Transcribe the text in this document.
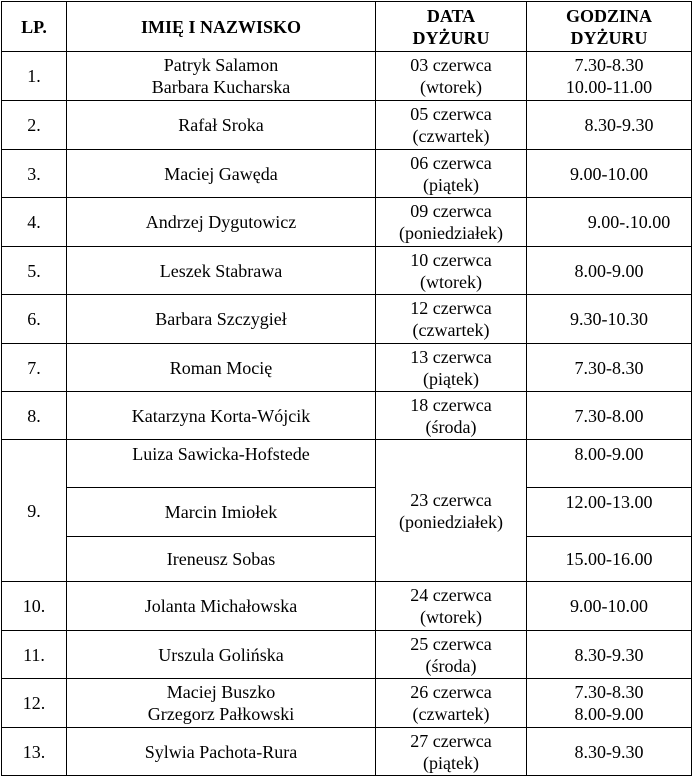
LP.	IMIĘ I NAZWISKO	DATA
DYŻURU	GODZINA
DYŻURU

1.	Patryk Salamon
Barbara Kucharska	03 czerwca
(wtorek)	7.30-8.30
10.00-11.00

2.	Rafał Sroka	05 czerwca
(czwartek)	8.30-9.30

3.	Maciej Gawęda	06 czerwca
(piątek)	9.00-10.00

4.	Andrzej Dygutowicz	09 czerwca
(poniedziałek)	9.00-.10.00

5.	Leszek Stabrawa	10 czerwca
(wtorek)	8.00-9.00

6.	Barbara Szczygieł	12 czerwca
(czwartek)	9.30-10.30

7.	Roman Mocię	13 czerwca
(piątek)	7.30-8.30

8.	Katarzyna Korta-Wójcik	18 czerwca
(środa)	7.30-8.00

9.	Luiza Sawicka-Hofstede	23 czerwca
(poniedziałek)	8.00-9.00

	Marcin Imiołek		12.00-13.00

	Ireneusz Sobas		15.00-16.00

10.	Jolanta Michałowska	24 czerwca
(wtorek)	9.00-10.00

11.	Urszula Golińska	25 czerwca
(środa)	8.30-9.30

12.	Maciej Buszko
Grzegorz Pałkowski	26 czerwca
(czwartek)	7.30-8.30
8.00-9.00

13.	Sylwia Pachota-Rura	27 czerwca
(piątek)	8.30-9.30
